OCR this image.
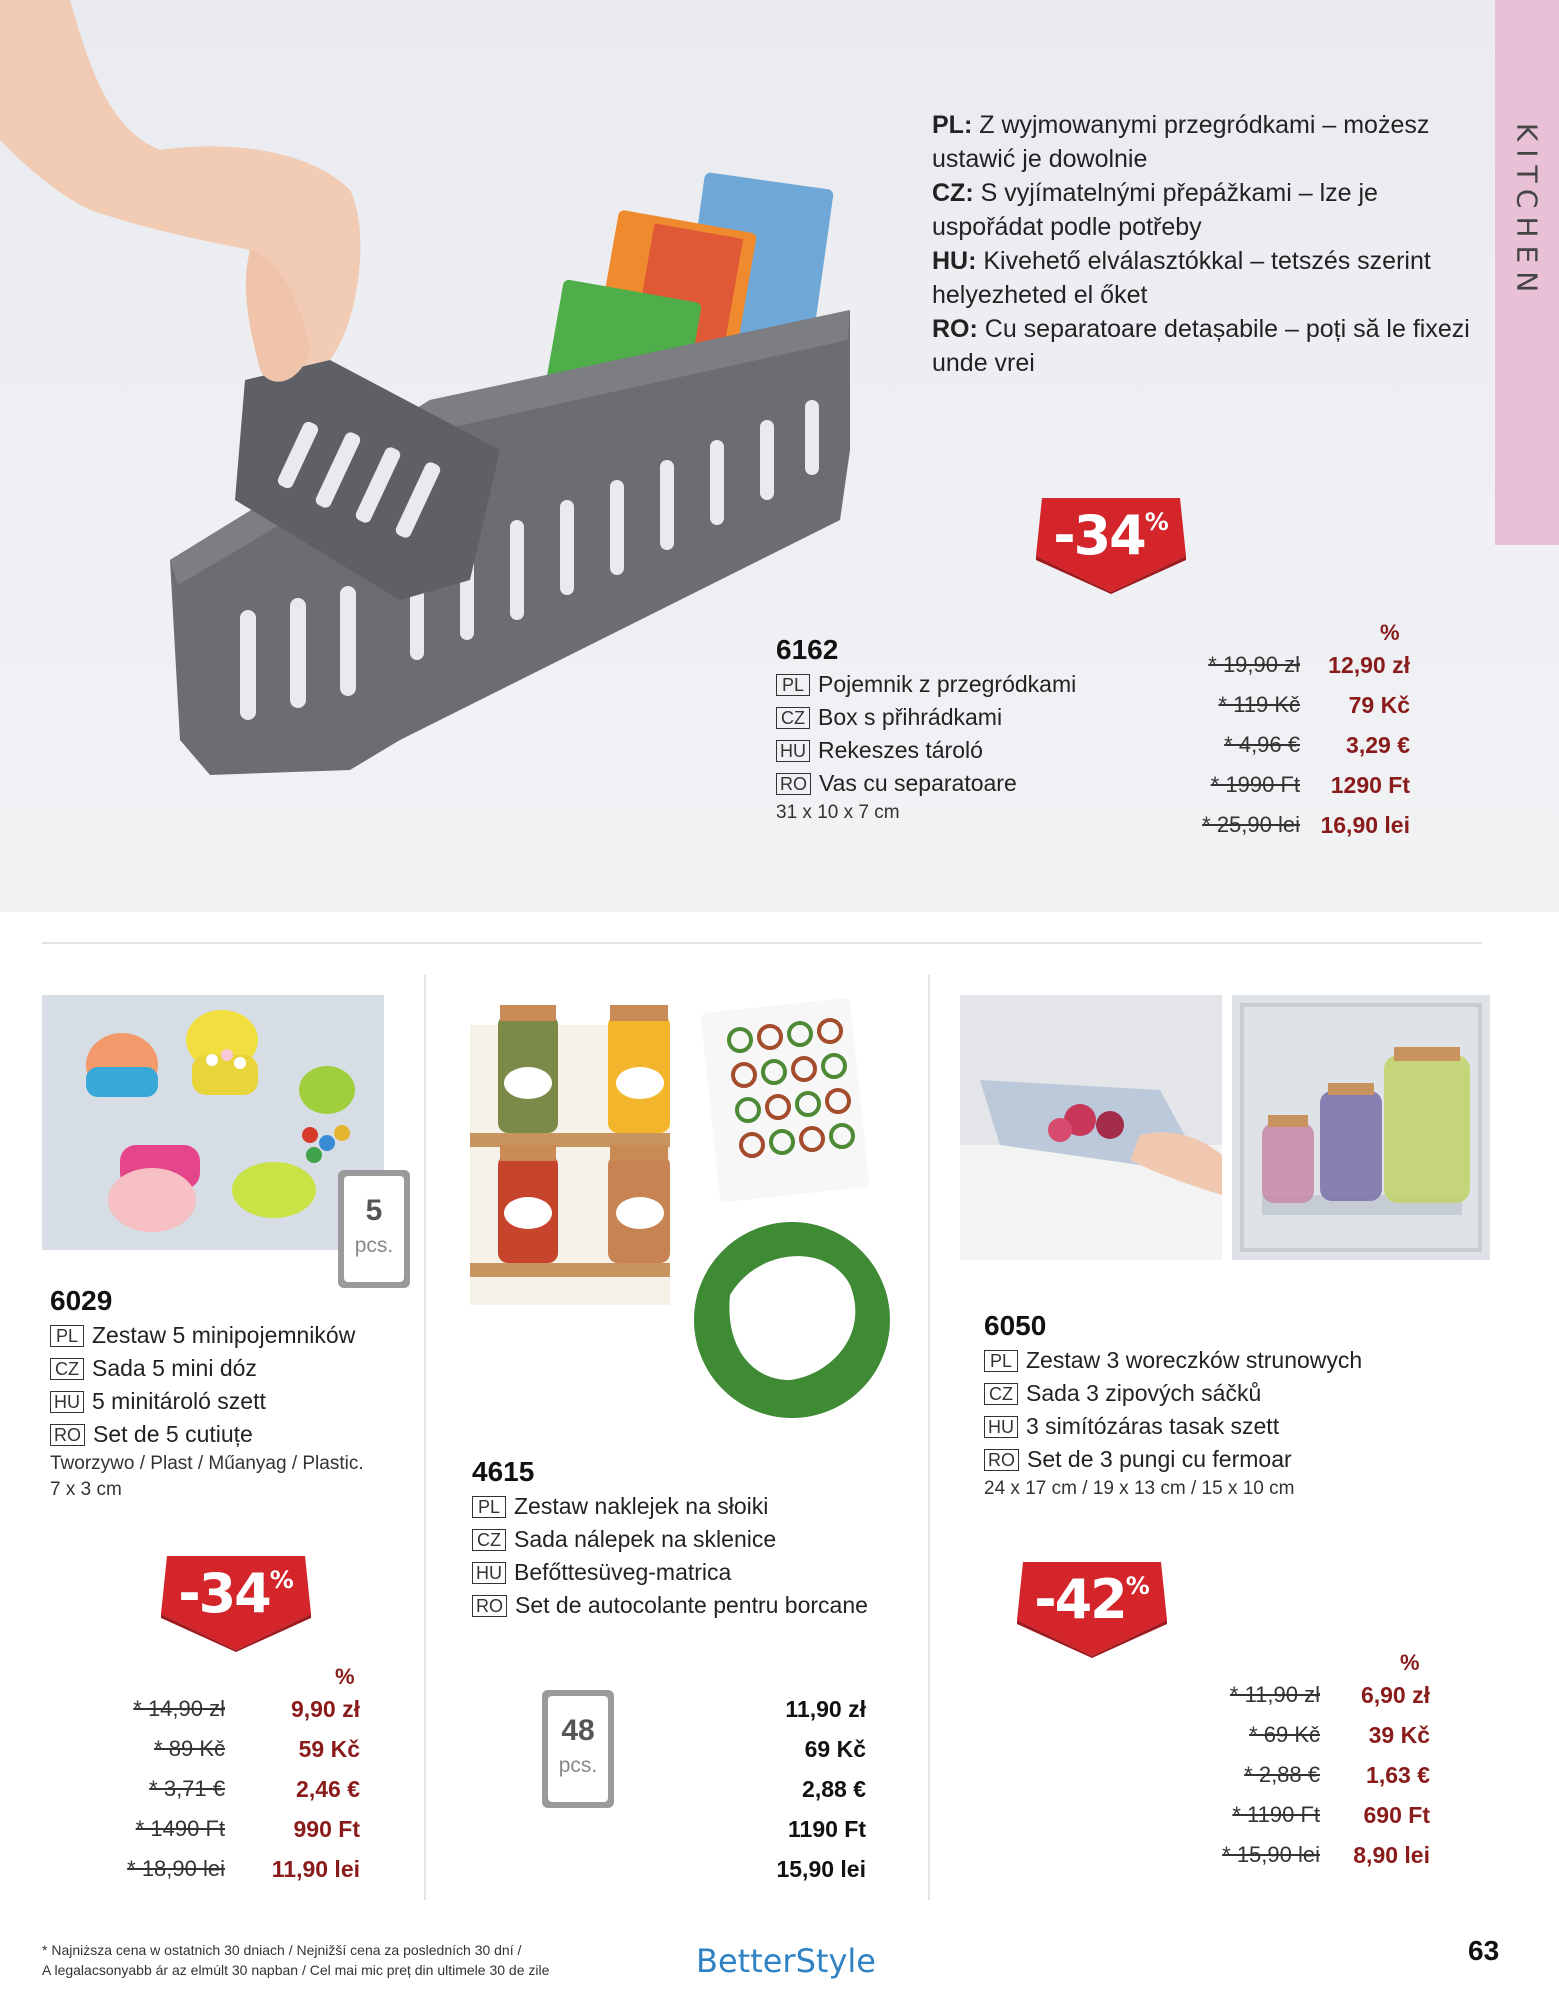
KITCHEN

PL: Z wyjmowanymi przegródkami – możesz ustawić je dowolnie

CZ: S vyjímatelnými přepážkami – lze je uspořádat podle potřeby

HU: Kivehető elválasztókkal – tetszés szerint helyezheted el őket

RO: Cu separatoare detașabile – poți să le fixezi unde vrei

-34%
6162
PL Pojemnik z przegródkami
CZ Box s přihrádkami
HU Rekeszes tároló
RO Vas cu separatoare
31 x 10 x 7 cm
%
* 19,90 zł 12,90 zł
* 119 Kč 79 Kč
* 4,96 € 3,29 €
* 1990 Ft 1290 Ft
* 25,90 lei 16,90 lei
5
pcs.
6029
PL Zestaw 5 minipojemników
CZ Sada 5 mini dóz
HU 5 minitároló szett
RO Set de 5 cutiuțe
Tworzywo / Plast / Műanyag / Plastic.
7 x 3 cm
-34%
%
* 14,90 zł	9,90 zł
* 89 Kč	59 Kč
* 3,71 €	2,46 €
* 1490 Ft	990 Ft
* 18,90 lei 11,90 lei
4615
PL Zestaw naklejek na słoiki
CZ Sada nálepek na sklenice
HU Befőttesüveg-matrica
RO Set de autocolante pentru borcane
48
pcs.
11,90 zł
69 Kč
2,88 €
1190 Ft
15,90 lei
6050
PL Zestaw 3 woreczków strunowych
CZ Sada 3 zipových sáčků
HU 3 simítózáras tasak szett
RO Set de 3 pungi cu fermoar
24 x 17 cm / 19 x 13 cm / 15 x 10 cm
-42%
%
* 11,90 zł 6,90 zł
* 69 Kč 39 Kč
* 2,88 € 1,63 €
* 1190 Ft 690 Ft
* 15,90 lei 8,90 lei
* Najniższa cena w ostatnich 30 dniach / Nejnižší cena za posledních 30 dní /
A legalacsonyabb ár az elmúlt 30 napban / Cel mai mic preț din ultimele 30 de zile	BetterStyle	63
